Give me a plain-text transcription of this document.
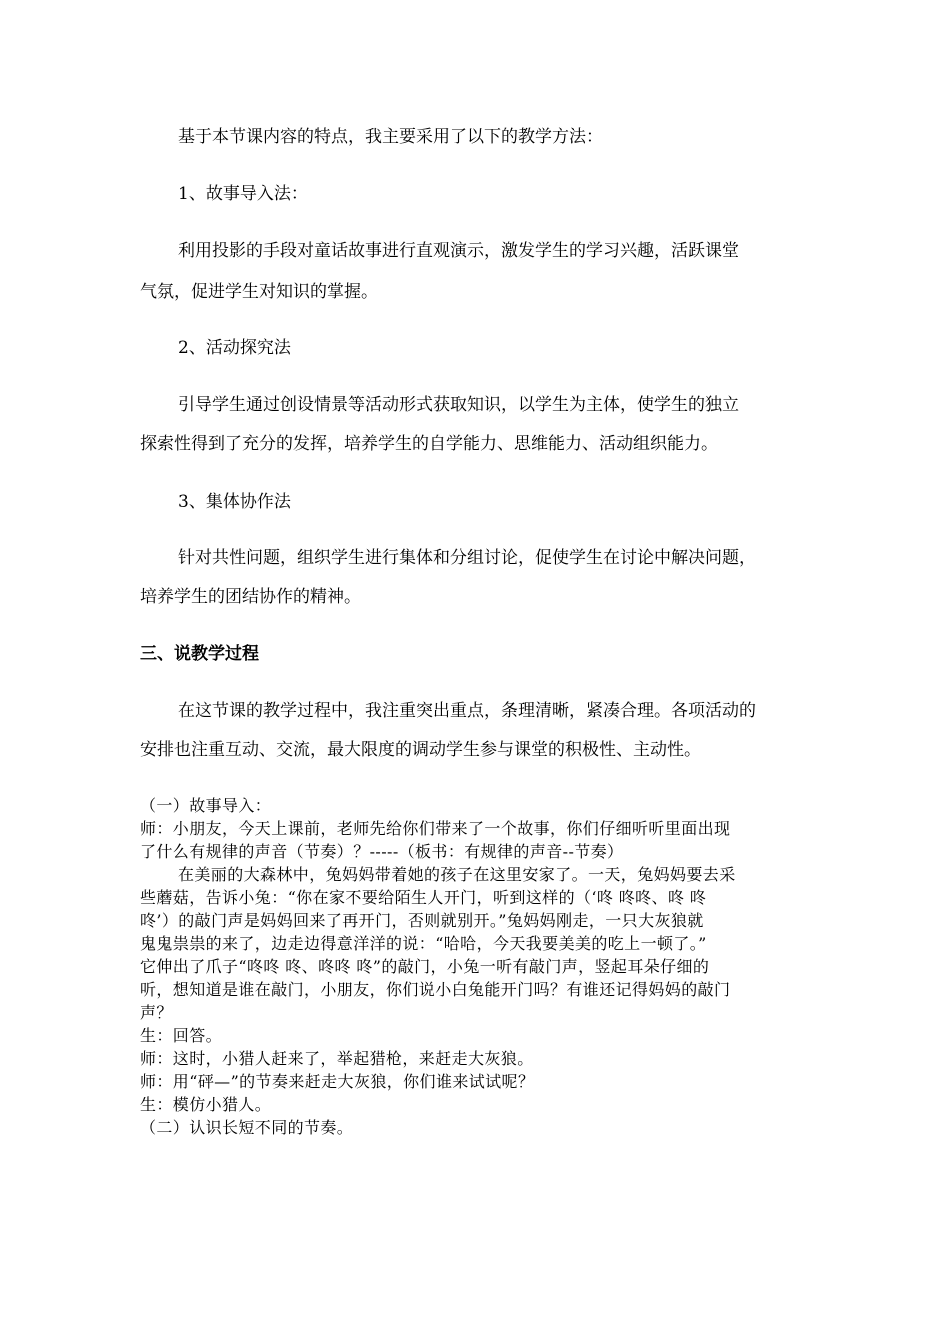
基于本节课内容的特点，我主要采用了以下的教学方法：
1、故事导入法：
利用投影的手段对童话故事进行直观演示，激发学生的学习兴趣，活跃课堂
气氛，促进学生对知识的掌握。
2、活动探究法
引导学生通过创设情景等活动形式获取知识，以学生为主体，使学生的独立
探索性得到了充分的发挥，培养学生的自学能力、思维能力、活动组织能力。
3、集体协作法
针对共性问题，组织学生进行集体和分组讨论，促使学生在讨论中解决问题，
培养学生的团结协作的精神。
三、说教学过程
在这节课的教学过程中，我注重突出重点，条理清晰，紧凑合理。各项活动的
安排也注重互动、交流，最大限度的调动学生参与课堂的积极性、主动性。
（一）故事导入：
师：小朋友，今天上课前，老师先给你们带来了一个故事，你们仔细听听里面出现
了什么有规律的声音（节奏）？-----（板书：有规律的声音--节奏）
在美丽的大森林中，兔妈妈带着她的孩子在这里安家了。一天，兔妈妈要去采
些蘑菇，告诉小兔：“你在家不要给陌生人开门，听到这样的（‘咚 咚咚、咚 咚
咚’）的敲门声是妈妈回来了再开门，否则就别开。”兔妈妈刚走，一只大灰狼就
鬼鬼祟祟的来了，边走边得意洋洋的说：“哈哈，今天我要美美的吃上一顿了。”
它伸出了爪子“咚咚 咚、咚咚 咚”的敲门，小兔一听有敲门声，竖起耳朵仔细的
听，想知道是谁在敲门，小朋友，你们说小白兔能开门吗？有谁还记得妈妈的敲门
声？
生：回答。
师：这时，小猎人赶来了，举起猎枪，来赶走大灰狼。
师：用“砰—”的节奏来赶走大灰狼，你们谁来试试呢？
生：模仿小猎人。
（二）认识长短不同的节奏。
